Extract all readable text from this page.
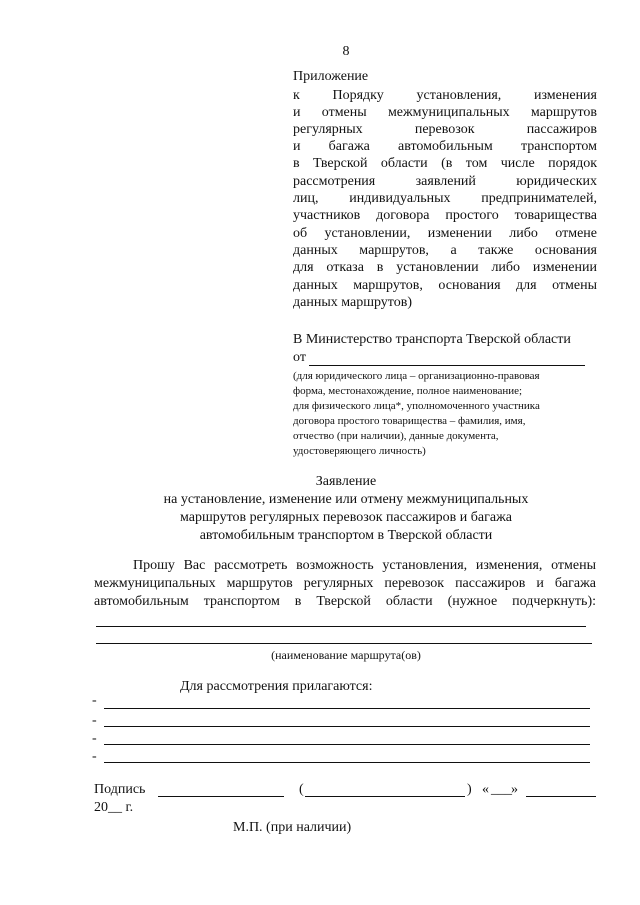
8
Приложение
к Порядку установления, изменения
и отмены межмуниципальных маршрутов
регулярных перевозок пассажиров
и багажа автомобильным транспортом
в Тверской области (в том числе порядок
рассмотрения заявлений юридических
лиц, индивидуальных предпринимателей,
участников договора простого товарищества
об установлении, изменении либо отмене
данных маршрутов, а также основания
для отказа в установлении либо изменении
данных маршрутов, основания для отмены
данных маршрутов)
В Министерство транспорта Тверской области
от
(для юридического лица – организационно-правовая
форма, местонахождение, полное наименование;
для физического лица*, уполномоченного участника
договора простого товарищества – фамилия, имя,
отчество (при наличии), данные документа,
удостоверяющего личность)
Заявление
на установление, изменение или отмену межмуниципальных
маршрутов регулярных перевозок пассажиров и багажа
автомобильным транспортом в Тверской области
Прошу Вас рассмотреть возможность установления, изменения, отмены
межмуниципальных маршрутов регулярных перевозок пассажиров и багажа
автомобильным транспортом в Тверской области (нужное подчеркнуть):
(наименование маршрута(ов)
Для рассмотрения прилагаются:
-
-
-
-
Подпись	(	) « ___ »
20__ г.
М.П. (при наличии)
